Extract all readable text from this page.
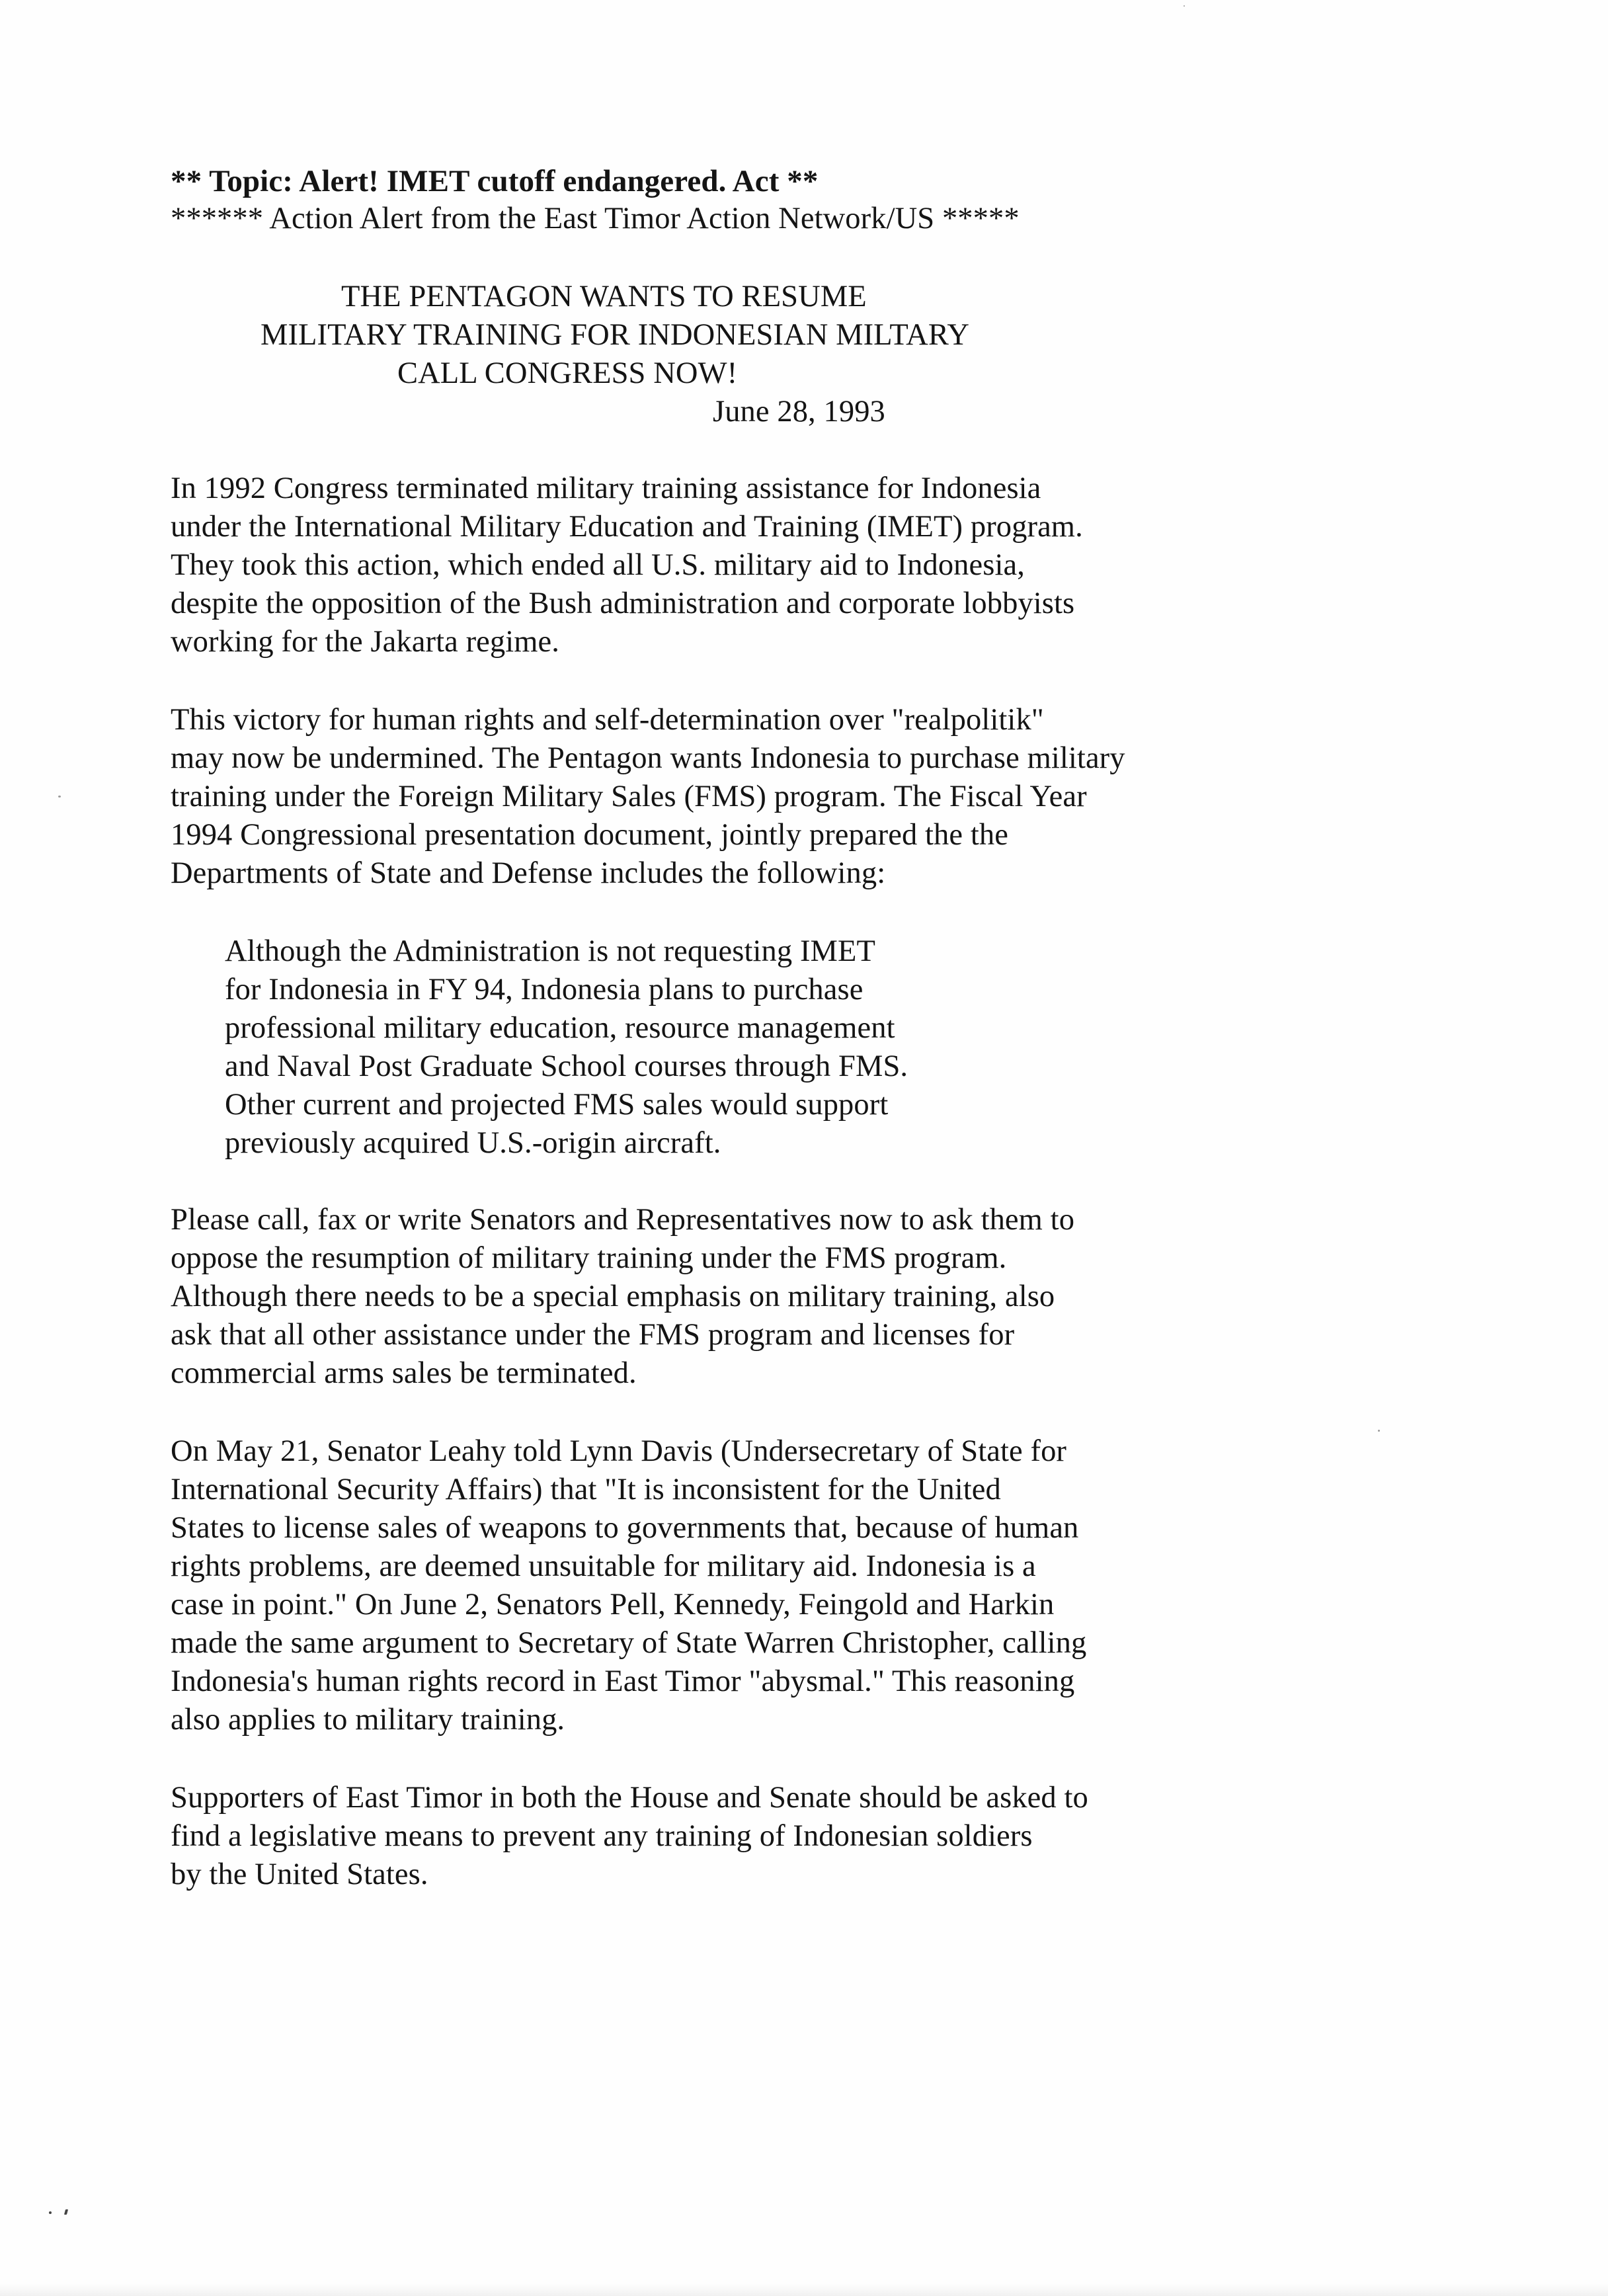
** Topic: Alert! IMET cutoff endangered. Act **
****** Action Alert from the East Timor Action Network/US *****
THE PENTAGON WANTS TO RESUME
MILITARY TRAINING FOR INDONESIAN MILTARY
CALL CONGRESS NOW!
June 28, 1993
In 1992 Congress terminated military training assistance for Indonesia
under the International Military Education and Training (IMET) program.
They took this action, which ended all U.S. military aid to Indonesia,
despite the opposition of the Bush administration and corporate lobbyists
working for the Jakarta regime.
This victory for human rights and self-determination over "realpolitik"
may now be undermined. The Pentagon wants Indonesia to purchase military
training under the Foreign Military Sales (FMS) program. The Fiscal Year
1994 Congressional presentation document, jointly prepared the the
Departments of State and Defense includes the following:
Although the Administration is not requesting IMET
for Indonesia in FY 94, Indonesia plans to purchase
professional military education, resource management
and Naval Post Graduate School courses through FMS.
Other current and projected FMS sales would support
previously acquired U.S.-origin aircraft.
Please call, fax or write Senators and Representatives now to ask them to
oppose the resumption of military training under the FMS program.
Although there needs to be a special emphasis on military training, also
ask that all other assistance under the FMS program and licenses for
commercial arms sales be terminated.
On May 21, Senator Leahy told Lynn Davis (Undersecretary of State for
International Security Affairs) that "It is inconsistent for the United
States to license sales of weapons to governments that, because of human
rights problems, are deemed unsuitable for military aid. Indonesia is a
case in point." On June 2, Senators Pell, Kennedy, Feingold and Harkin
made the same argument to Secretary of State Warren Christopher, calling
Indonesia's human rights record in East Timor "abysmal." This reasoning
also applies to military training.
Supporters of East Timor in both the House and Senate should be asked to
find a legislative means to prevent any training of Indonesian soldiers
by the United States.
